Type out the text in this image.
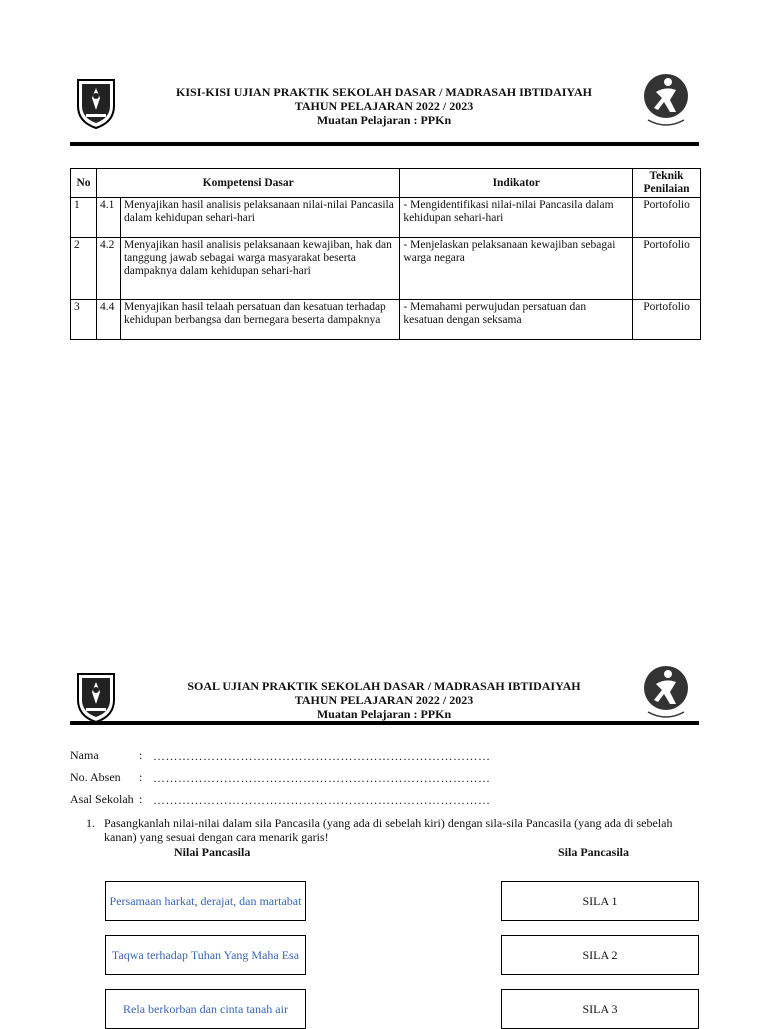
KISI-KISI UJIAN PRAKTIK SEKOLAH DASAR / MADRASAH IBTIDAIYAH
TAHUN PELAJARAN 2022 / 2023
Muatan Pelajaran : PPKn
No	Kompetensi Dasar		Indikator	Teknik Penilaian
1	4.1	Menyajikan hasil analisis pelaksanaan nilai-nilai Pancasila dalam kehidupan sehari-hari	- Mengidentifikasi nilai-nilai Pancasila dalam kehidupan sehari-hari	Portofolio
2	4.2	Menyajikan hasil analisis pelaksanaan kewajiban, hak dan tanggung jawab sebagai warga masyarakat beserta dampaknya dalam kehidupan sehari-hari	- Menjelaskan pelaksanaan kewajiban sebagai warga negara	Portofolio
3	4.4	Menyajikan hasil telaah persatuan dan kesatuan terhadap kehidupan berbangsa dan bernegara beserta dampaknya	- Memahami perwujudan persatuan dan kesatuan dengan seksama	Portofolio
SOAL UJIAN PRAKTIK SEKOLAH DASAR / MADRASAH IBTIDAIYAH
TAHUN PELAJARAN 2022 / 2023
Muatan Pelajaran : PPKn
Nama	: ………………………………………………………………………
No. Absen : ………………………………………………………………………
Asal Sekolah : ………………………………………………………………………
1. Pasangkanlah nilai-nilai dalam sila Pancasila (yang ada di sebelah kiri) dengan sila-sila Pancasila (yang ada di sebelah kanan) yang sesuai dengan cara menarik garis!
Nilai Pancasila	Sila Pancasila
Persamaan harkat, derajat, dan martabat
Taqwa terhadap Tuhan Yang Maha Esa
Rela berkorban dan cinta tanah air
SILA 1
SILA 2
SILA 3
